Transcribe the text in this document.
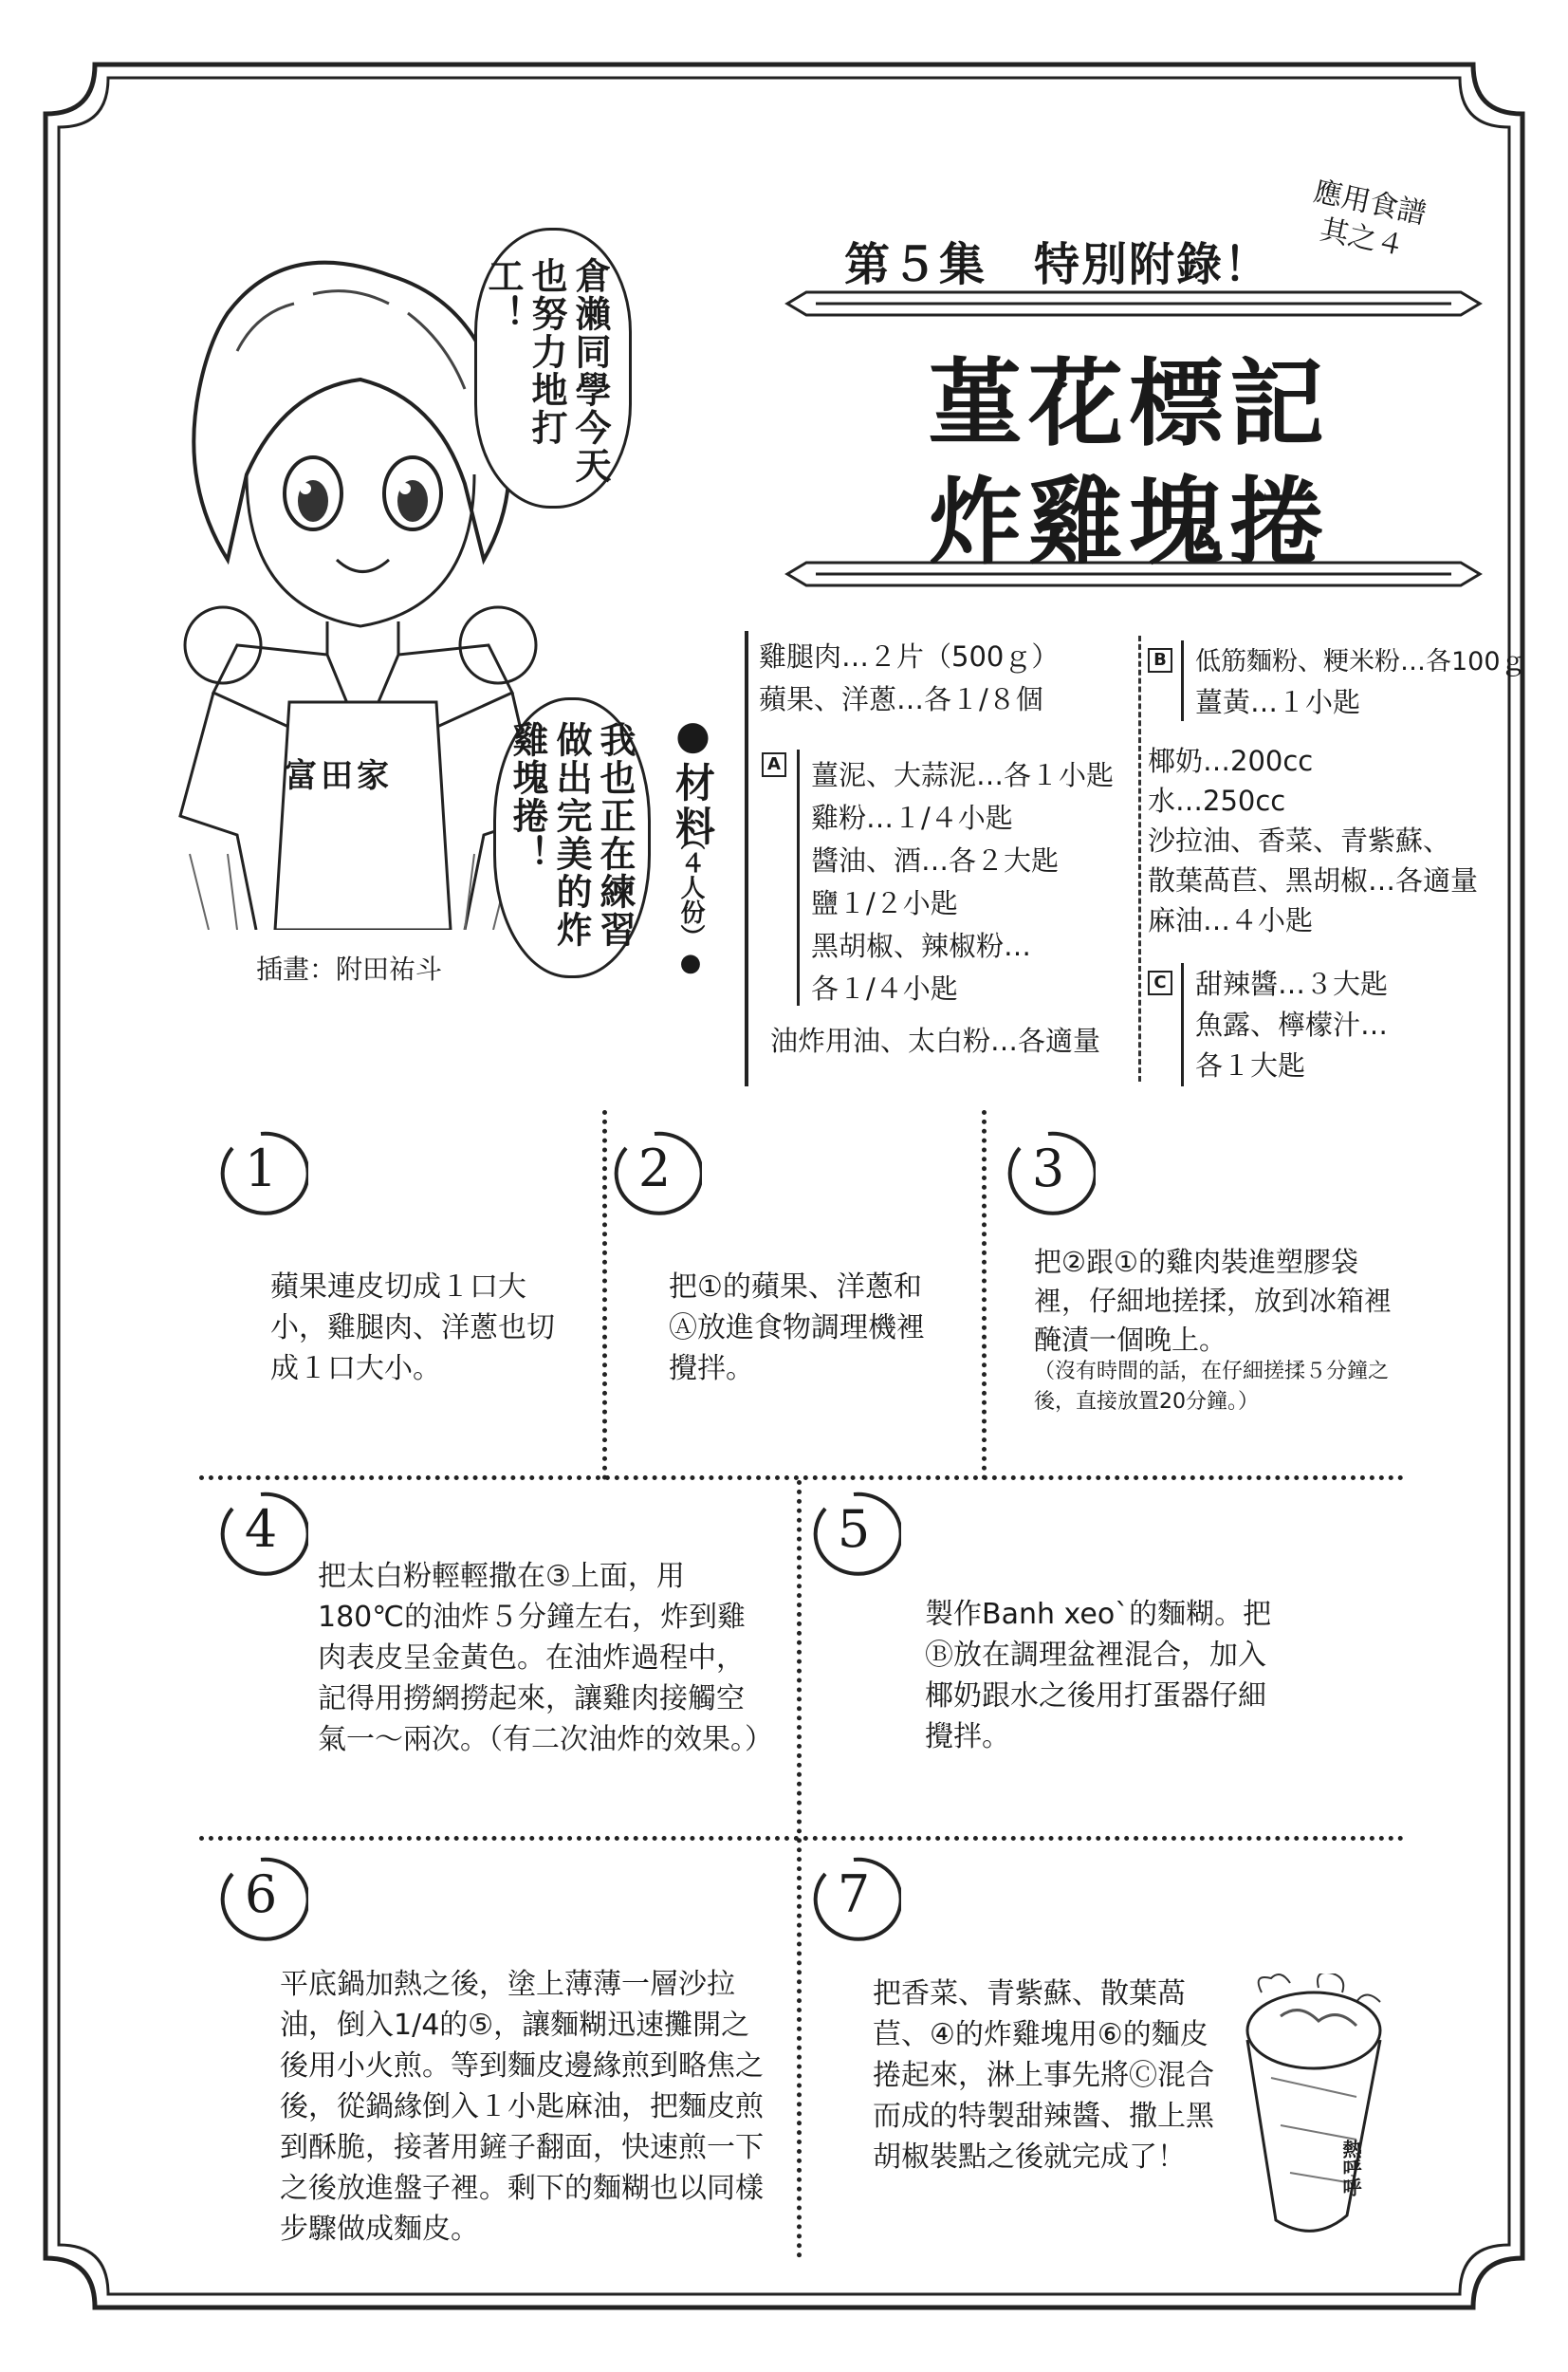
應用食譜
其之４
第５集　特別附錄！
堇花標記
炸雞塊捲
富田家
插畫：附田祐斗
倉瀨同學今天也努力地打工！
我也正在練習做出完美的炸雞塊捲！	●材料
（４人份）●
雞腿肉…２片（500ｇ）
蘋果、洋蔥…各１/８個
A 薑泥、大蒜泥…各１小匙
雞粉…１/４小匙
醬油、酒…各２大匙
鹽１/２小匙
黑胡椒、辣椒粉…
各１/４小匙
油炸用油、太白粉…各適量
B 低筋麵粉、粳米粉…各100ｇ
薑黃…１小匙
椰奶…200cc
水…250cc
沙拉油、香菜、青紫蘇、
散葉萵苣、黑胡椒…各適量
麻油…４小匙
C 甜辣醬…３大匙
魚露、檸檬汁…
各１大匙
1
蘋果連皮切成１口大小，雞腿肉、洋蔥也切成１口大小。
2
把①的蘋果、洋蔥和Ⓐ放進食物調理機裡攪拌。
3
把②跟①的雞肉裝進塑膠袋裡，仔細地搓揉，放到冰箱裡醃漬一個晚上。
（沒有時間的話，在仔細搓揉５分鐘之後，直接放置20分鐘。）
4
把太白粉輕輕撒在③上面，用180℃的油炸５分鐘左右，炸到雞肉表皮呈金黃色。在油炸過程中，記得用撈網撈起來，讓雞肉接觸空氣一～兩次。（有二次油炸的效果。）
5
製作Banh xeo`的麵糊。把Ⓑ放在調理盆裡混合，加入椰奶跟水之後用打蛋器仔細攪拌。
6
平底鍋加熱之後，塗上薄薄一層沙拉油，倒入1/4的⑤，讓麵糊迅速攤開之後用小火煎。等到麵皮邊緣煎到略焦之後，從鍋緣倒入１小匙麻油，把麵皮煎到酥脆，接著用鏟子翻面，快速煎一下之後放進盤子裡。剩下的麵糊也以同樣步驟做成麵皮。
7
把香菜、青紫蘇、散葉萵苣、④的炸雞塊用⑥的麵皮捲起來，淋上事先將Ⓒ混合而成的特製甜辣醬、撒上黑胡椒裝點之後就完成了！	熱呼呼
